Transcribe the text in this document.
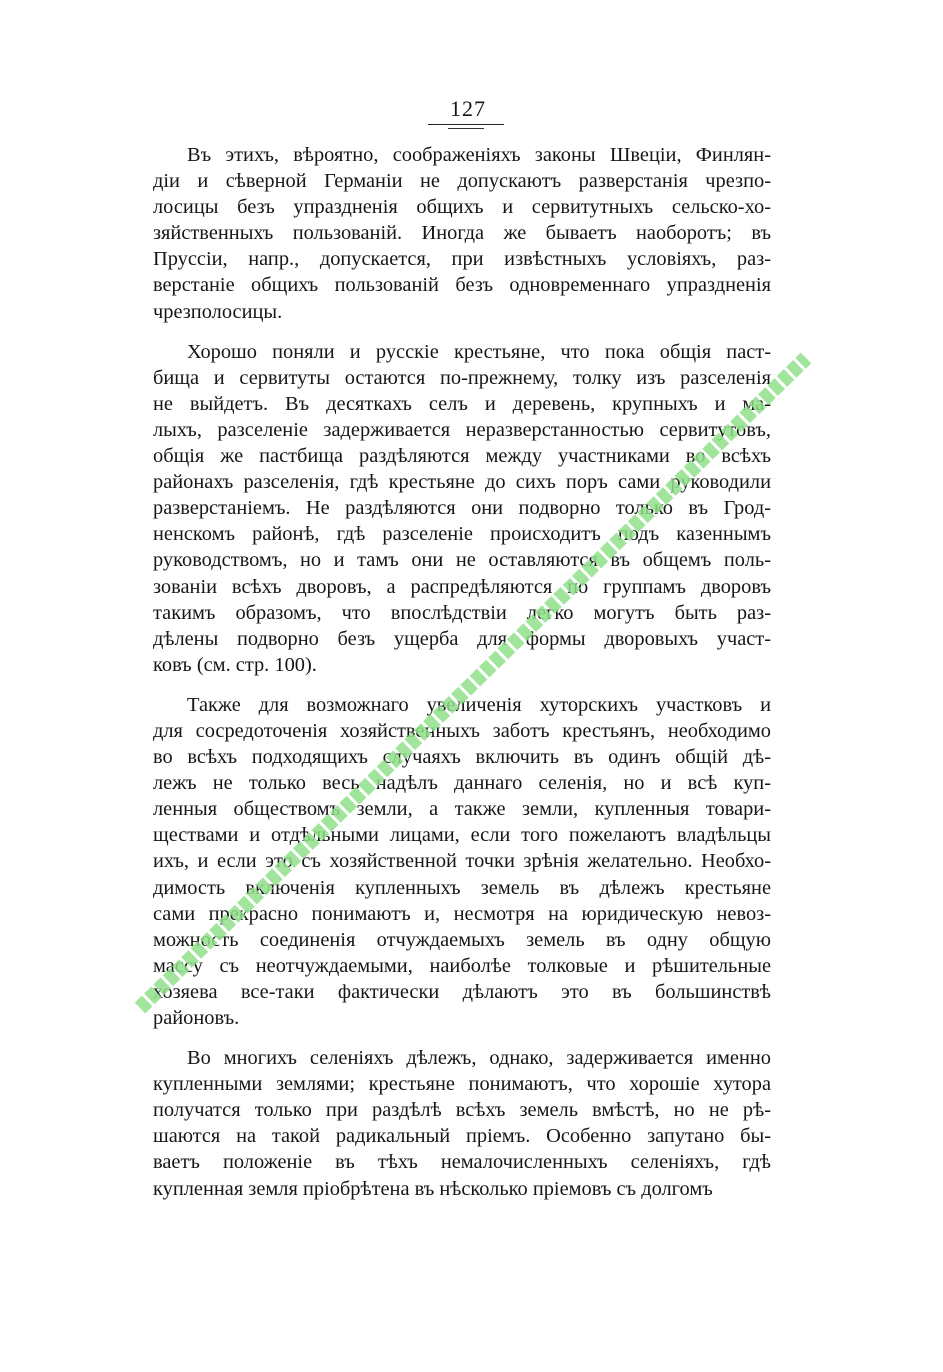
127

Въ этихъ, вѣроятно, соображеніяхъ законы Швеціи, Финлян-
діи и сѣверной Германіи не допускаютъ разверстанія чрезпо-
лосицы безъ упраздненія общихъ и сервитутныхъ сельско-хо-
зяйственныхъ пользованій. Иногда же бываетъ наоборотъ; въ
Пруссіи, напр., допускается, при извѣстныхъ условіяхъ, раз-
верстаніе общихъ пользованій безъ одновременнаго упраздненія
чрезполосицы.

Хорошо поняли и русскіе крестьяне, что пока общія паст-
бища и сервитуты остаются по-прежнему, толку изъ разселенія
не выйдетъ. Въ десяткахъ селъ и деревень, крупныхъ и ма-
лыхъ, разселеніе задерживается неразверстанностью сервитутовъ,
общія же пастбища раздѣляются между участниками во всѣхъ
районахъ разселенія, гдѣ крестьяне до сихъ поръ сами руководили
разверстаніемъ. Не раздѣляются они подворно только въ Грод-
ненскомъ районѣ, гдѣ разселеніе происходитъ подъ казеннымъ
руководствомъ, но и тамъ они не оставляются въ общемъ поль-
зованіи всѣхъ дворовъ, а распредѣляются по группамъ дворовъ
такимъ образомъ, что впослѣдствіи легко могутъ быть раз-
дѣлены подворно безъ ущерба для формы дворовыхъ участ-
ковъ (см. стр. 100).

Также для возможнаго увеличенія хуторскихъ участковъ и
для сосредоточенія хозяйственныхъ заботъ крестьянъ, необходимо
во всѣхъ подходящихъ случаяхъ включить въ одинъ общій дѣ-
лежъ не только весь надѣлъ даннаго селенія, но и всѣ куп-
ленныя обществомъ земли, а также земли, купленныя товари-
ществами и отдѣльными лицами, если того пожелаютъ владѣльцы
ихъ, и если это съ хозяйственной точки зрѣнія желательно. Необхо-
димость включенія купленныхъ земель въ дѣлежъ крестьяне
сами прекрасно понимаютъ и, несмотря на юридическую невоз-
можность соединенія отчуждаемыхъ земель въ одну общую
массу съ неотчуждаемыми, наиболѣе толковые и рѣшительные
хозяева все-таки фактически дѣлаютъ это въ большинствѣ
районовъ.

Во многихъ селеніяхъ дѣлежъ, однако, задерживается именно
купленными землями; крестьяне понимаютъ, что хорошіе хутора
получатся только при раздѣлѣ всѣхъ земель вмѣстѣ, но не рѣ-
шаются на такой радикальный пріемъ. Особенно запутано бы-
ваетъ положеніе въ тѣхъ немалочисленныхъ селеніяхъ, гдѣ
купленная земля пріобрѣтена въ нѣсколько пріемовъ съ долгомъ
